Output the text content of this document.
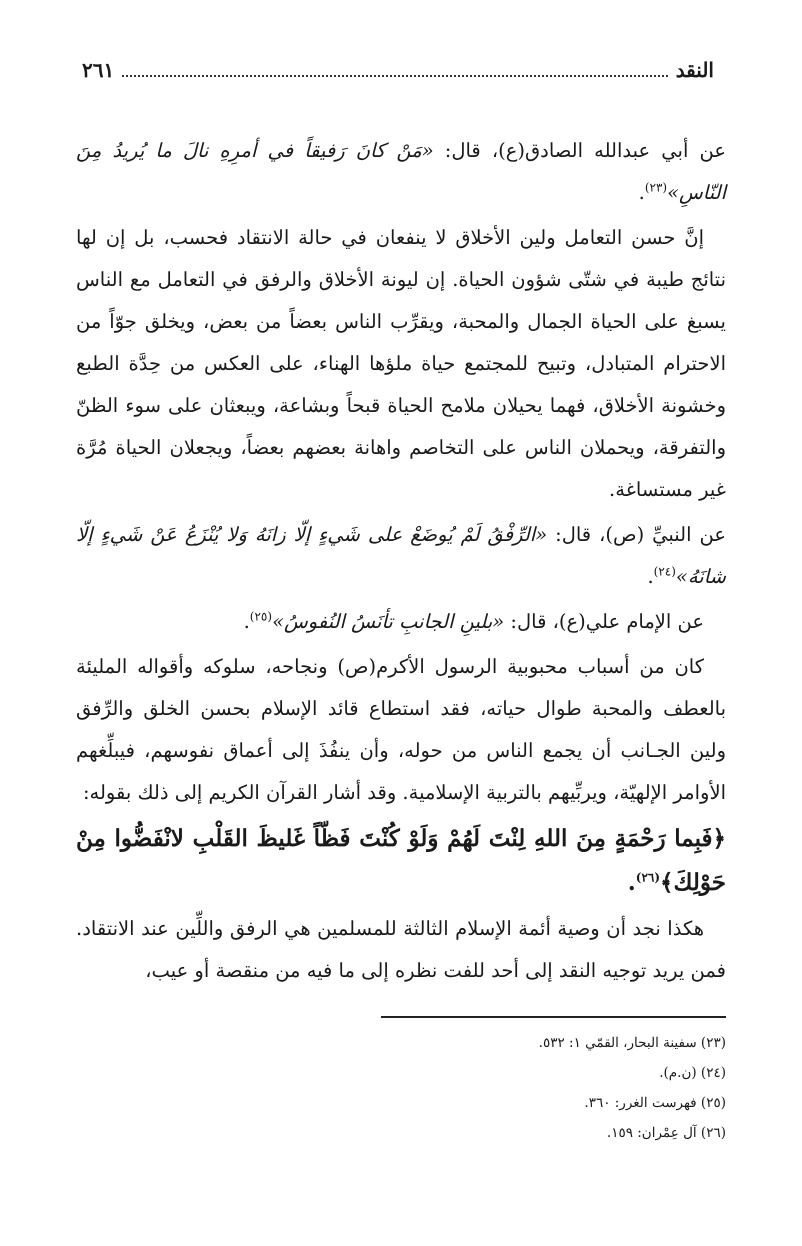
النقد
٢٦١

عن أبي عبدالله الصادق(ع)، قال: «مَنْ كانَ رَفيقاً في أمرِهِ نالَ ما يُريدُ مِنَ النّاسِ»$^{(٢٣)}$.

إنَّ حسن التعامل ولين الأخلاق لا ينفعان في حالة الانتقاد فحسب، بل إن لها نتائج طيبة في شتّى شؤون الحياة. إن ليونة الأخلاق والرفق في التعامل مع الناس يسبغ على الحياة الجمال والمحبة، ويقرِّب الناس بعضاً من بعض، ويخلق جوّاً من الاحترام المتبادل، وتبيح للمجتمع حياة ملؤها الهناء، على العكس من حِدَّة الطبع وخشونة الأخلاق، فهما يحيلان ملامح الحياة قبحاً وبشاعة، ويبعثان على سوء الظنّ والتفرقة، ويحملان الناس على التخاصم واهانة بعضهم بعضاً، ويجعلان الحياة مُرَّة غير مستساغة.

عن النبيِّ (ص)، قال: «الرِّفْقُ لَمْ يُوضَعْ على شَيءٍ إلّا زانَهُ وَلا يُنْزَعُ عَنْ شَيءٍ إلّا شانَهُ»$^{(٢٤)}$.

عن الإمام علي(ع)، قال: «بلينِ الجانبِ تأنَسُ النُفوسُ»$^{(٢٥)}$.

كان من أسباب محبوبية الرسول الأكرم(ص) ونجاحه، سلوكه وأقواله المليئة بالعطف والمحبة طوال حياته، فقد استطاع قائد الإسلام بحسن الخلق والرِّفق ولين الجـانب أن يجمع الناس من حوله، وأن ينفُذَ إلى أعماق نفوسهم، فيبلِّغهم الأوامر الإلهيّة، ويربِّيهم بالتربية الإسلامية. وقد أشار القرآن الكريم إلى ذلك بقوله:

﴿فَبِما رَحْمَةٍ مِنَ اللهِ لِنْتَ لَهُمْ وَلَوْ كُنْتَ فَظّاً غَليظَ القَلْبِ لانْفَضُّوا مِنْ حَوْلِكَ﴾$^{(٢٦)}$.

هكذا نجد أن وصية أئمة الإسلام الثالثة للمسلمين هي الرفق واللِّين عند الانتقاد. فمن يريد توجيه النقد إلى أحد للفت نظره إلى ما فيه من منقصة أو عيب،

(٢٣) سفينة البحار، القمّي ١: ٥٣٢.
(٢٤) (ن.م).
(٢٥) فهرست الغرر: ٣٦٠.
(٢٦) آل عِمْران: ١٥٩.
